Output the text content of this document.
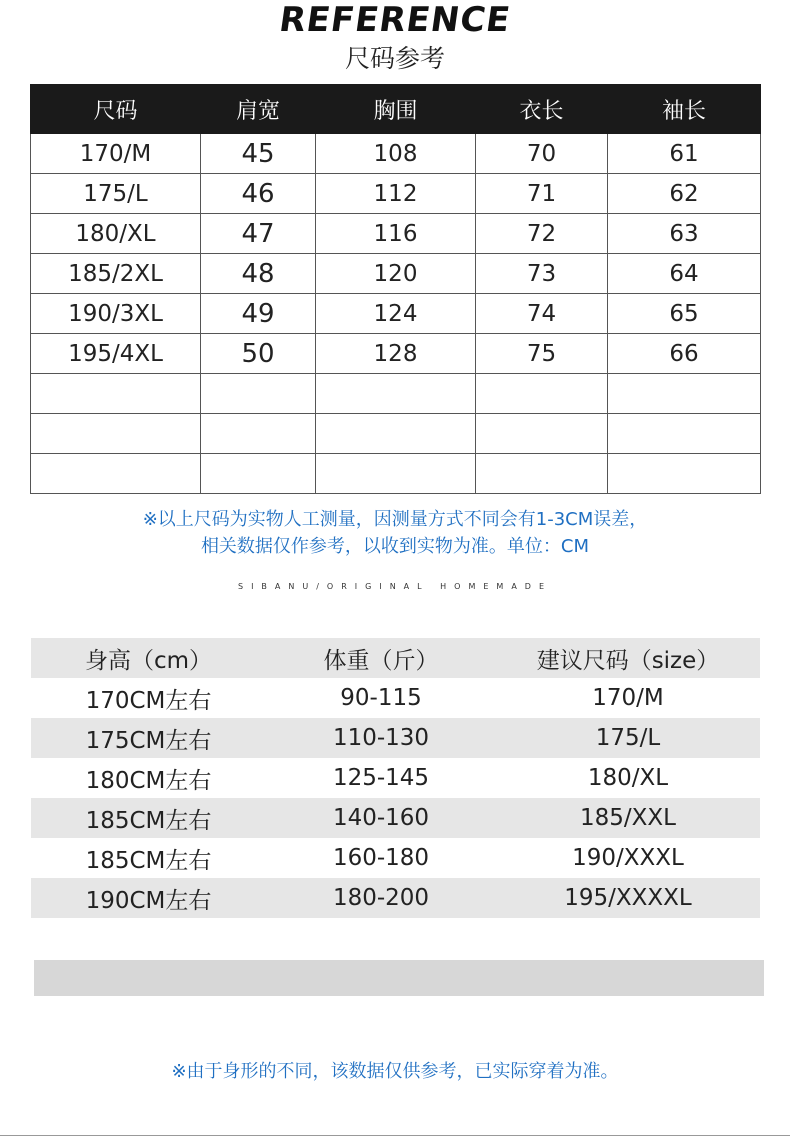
REFERENCE
尺码参考
尺码	肩宽	胸围	衣长	袖长
170/M	45	108	70	61
175/L	46	112	71	62
180/XL	47	116	72	63
185/2XL	48	120	73	64
190/3XL	49	124	74	65
195/4XL	50	128	75	66

※以上尺码为实物人工测量，因测量方式不同会有1-3CM误差，
相关数据仅作参考，以收到实物为准。单位：CM
SIBANU/ORIGINAL HOMEMADE
身高（cm）	体重（斤）	建议尺码（size）
170CM左右	90-115	170/M
175CM左右	110-130	175/L
180CM左右	125-145	180/XL
185CM左右	140-160	185/XXL
185CM左右	160-180	190/XXXL
190CM左右	180-200	195/XXXXL
※由于身形的不同，该数据仅供参考，已实际穿着为准。
